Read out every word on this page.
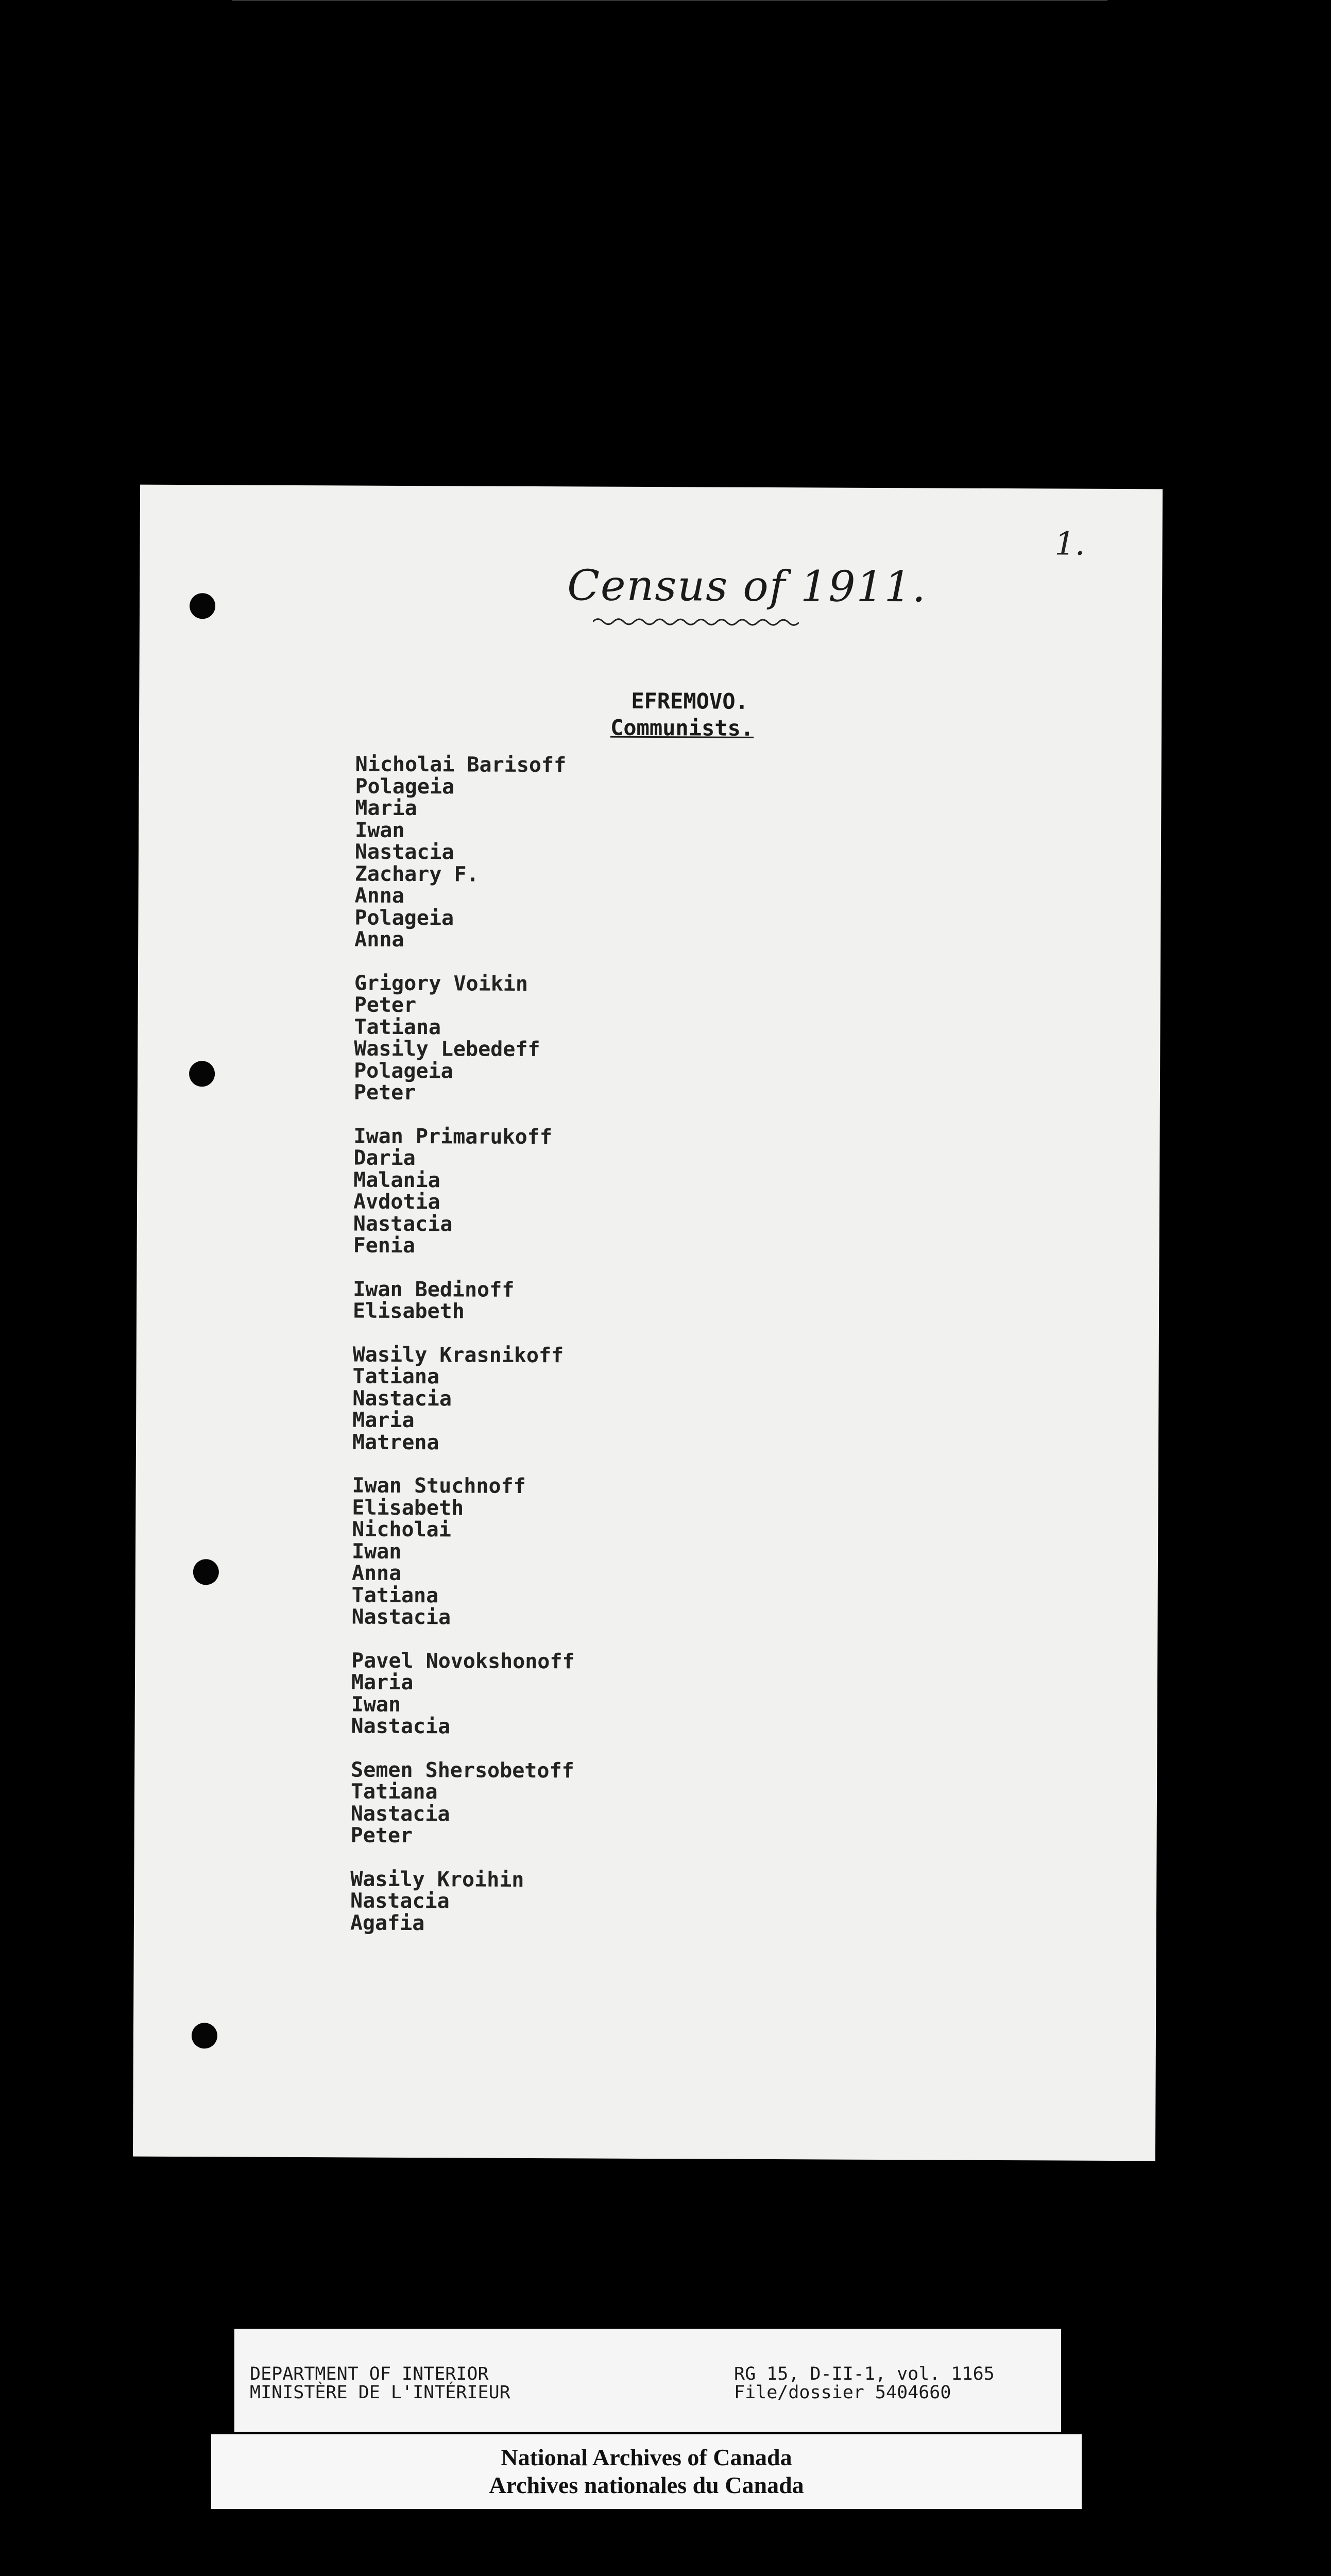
1.
Census of 1911.
EFREMOVO.
Communists.
Nicholai Barisoff
Polageia
Maria
Iwan
Nastacia
Zachary F.
Anna
Polageia
Anna
Grigory Voikin
Peter
Tatiana
Wasily Lebedeff
Polageia
Peter
Iwan Primarukoff
Daria
Malania
Avdotia
Nastacia
Fenia
Iwan Bedinoff
Elisabeth
Wasily Krasnikoff
Tatiana
Nastacia
Maria
Matrena
Iwan Stuchnoff
Elisabeth
Nicholai
Iwan
Anna
Tatiana
Nastacia
Pavel Novokshonoff
Maria
Iwan
Nastacia
Semen Shersobetoff
Tatiana
Nastacia
Peter
Wasily Kroihin
Nastacia
Agafia
DEPARTMENT OF INTERIOR
MINISTÈRE DE L'INTÉRIEUR
RG 15, D-II-1, vol. 1165
File/dossier 5404660
National Archives of Canada
Archives nationales du Canada
